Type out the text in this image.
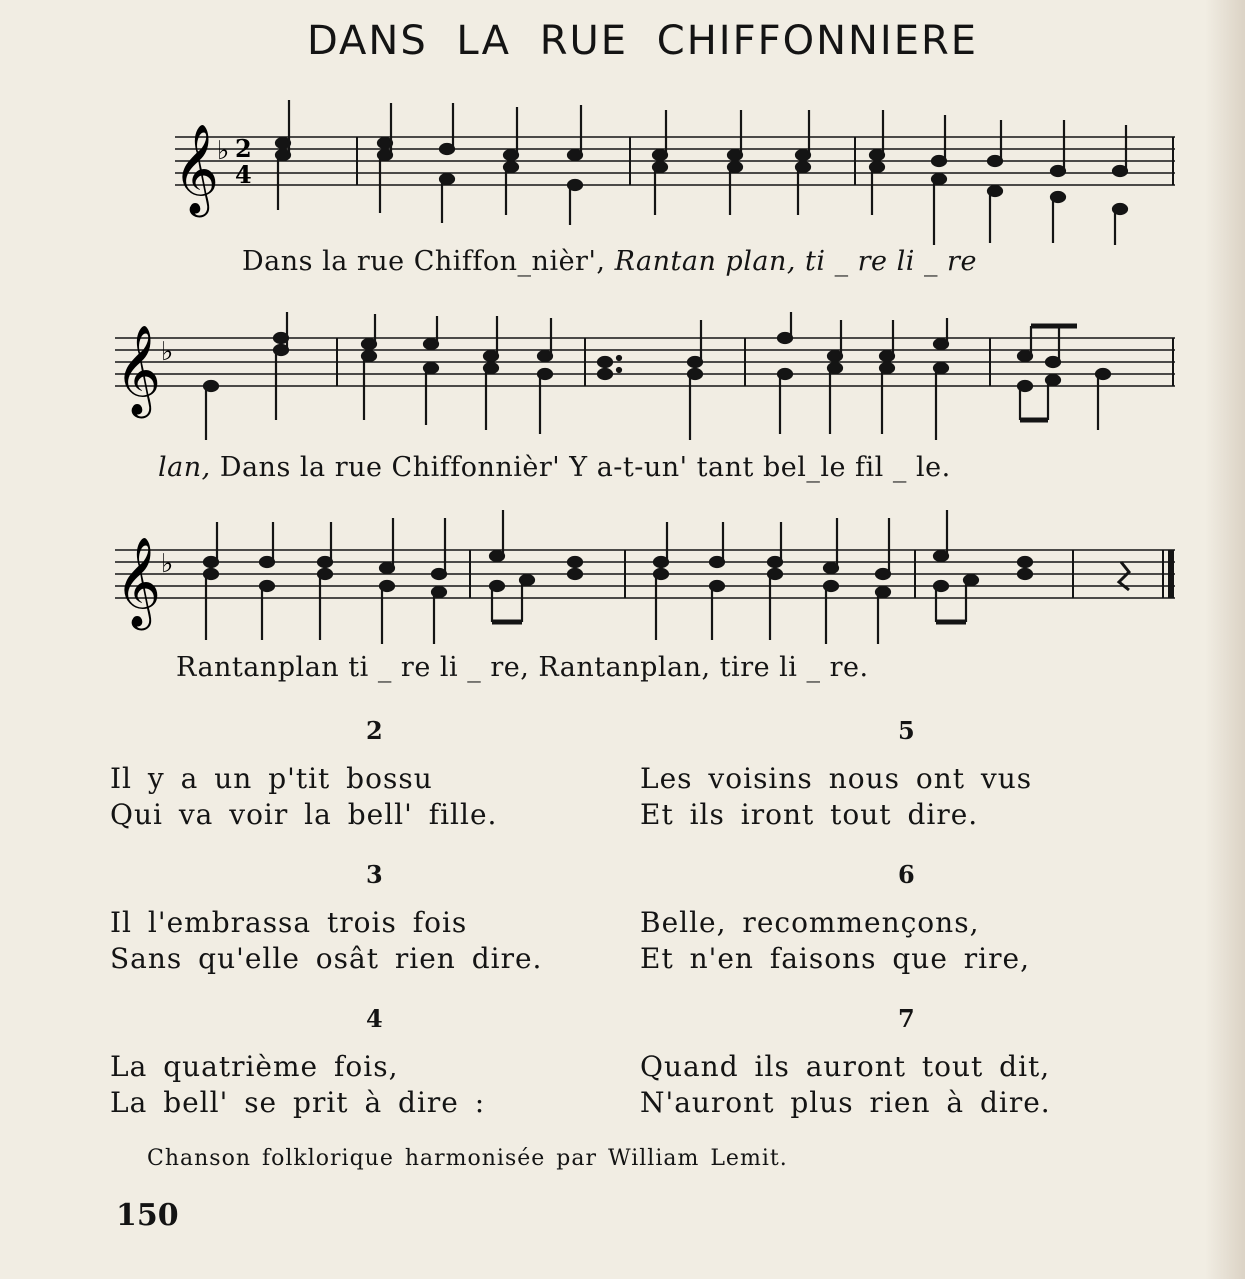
DANS LA RUE CHIFFONNIERE
𝄞
♭ 2
4
Dans la rue Chiffon_nièr', Rantan plan, ti _ re li _ re
𝄞 ♭
lan, Dans la rue Chiffonnièr' Y a-t-un' tant bel_le fil _ le.
𝄞 ♭
Rantanplan ti _ re li _ re, Rantanplan, tire li _ re.
2
Il y a un p'tit bossu
Qui va voir la bell' fille.
5
Les voisins nous ont vus
Et ils iront tout dire.
3
Il l'embrassa trois fois
Sans qu'elle osât rien dire.
6
Belle, recommençons,
Et n'en faisons que rire,
4
La quatrième fois,
La bell' se prit à dire :
7
Quand ils auront tout dit,
N'auront plus rien à dire.
Chanson folklorique harmonisée par William Lemit.
150
